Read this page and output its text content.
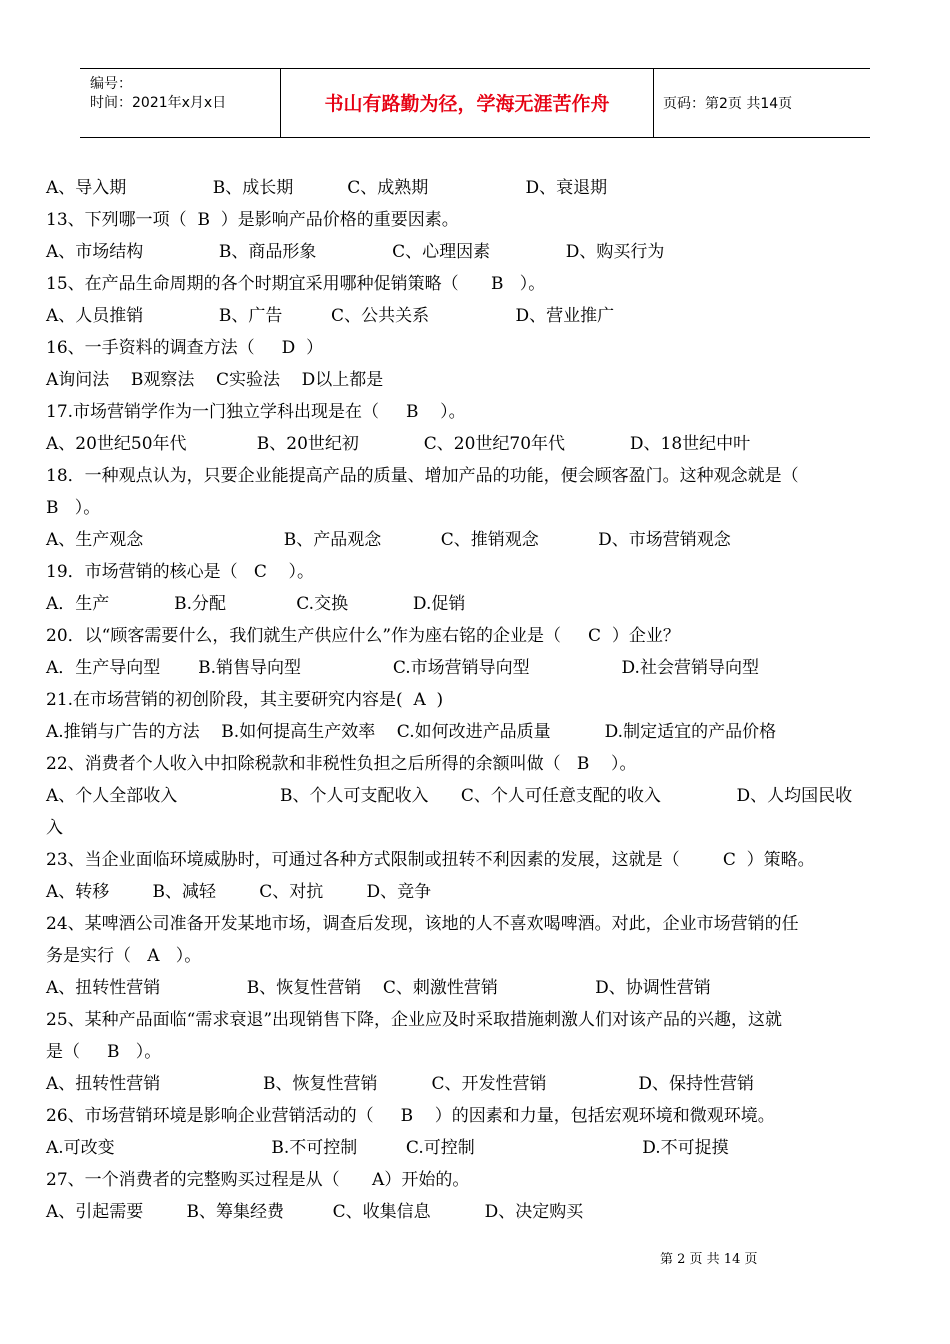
编号：
时间：2021年x月x日	书山有路勤为径，学海无涯苦作舟	页码：第2页 共14页
A、导入期                B、成长期          C、成熟期                  D、衰退期
13、下列哪一项（  B  ）是影响产品价格的重要因素。
A、市场结构              B、商品形象              C、心理因素              D、购买行为
15、在产品生命周期的各个时期宜采用哪种促销策略（      B   ）。
A、人员推销              B、广告         C、公共关系                D、营业推广
16、一手资料的调查方法（     D  ）
A询问法    B观察法    C实验法    D以上都是
17.市场营销学作为一门独立学科出现是在（     B    ）。
A、20世纪50年代             B、20世纪初            C、20世纪70年代            D、18世纪中叶
18．一种观点认为，只要企业能提高产品的质量、增加产品的功能，便会顾客盈门。这种观念就是（
B   ）。
A、生产观念                          B、产品观念           C、推销观念           D、市场营销观念
19．市场营销的核心是（   C    ）。
A．生产            B.分配             C.交换            D.促销
20．以“顾客需要什么，我们就生产供应什么”作为座右铭的企业是（     C  ）企业？
A．生产导向型       B.销售导向型                 C.市场营销导向型                 D.社会营销导向型
21.在市场营销的初创阶段，其主要研究内容是(  A  )
A.推销与广告的方法    B.如何提高生产效率    C.如何改进产品质量          D.制定适宜的产品价格
22、消费者个人收入中扣除税款和非税性负担之后所得的余额叫做（   B    ）。
A、个人全部收入                   B、个人可支配收入      C、个人可任意支配的收入              D、人均国民收
入
23、当企业面临环境威胁时，可通过各种方式限制或扭转不利因素的发展，这就是（        C  ）策略。
A、转移        B、减轻        C、对抗        D、竞争
24、某啤酒公司准备开发某地市场，调查后发现，该地的人不喜欢喝啤酒。对此，企业市场营销的任
务是实行（   A   ）。
A、扭转性营销                B、恢复性营销    C、刺激性营销                  D、协调性营销
25、某种产品面临“需求衰退”出现销售下降，企业应及时采取措施刺激人们对该产品的兴趣，这就
是（     B   ）。
A、扭转性营销                   B、恢复性营销          C、开发性营销                 D、保持性营销
26、市场营销环境是影响企业营销活动的（     B    ）的因素和力量，包括宏观环境和微观环境。
A.可改变                             B.不可控制         C.可控制                               D.不可捉摸
27、一个消费者的完整购买过程是从（      A）开始的。
A、引起需要        B、筹集经费         C、收集信息          D、决定购买
第 2 页 共 14 页
